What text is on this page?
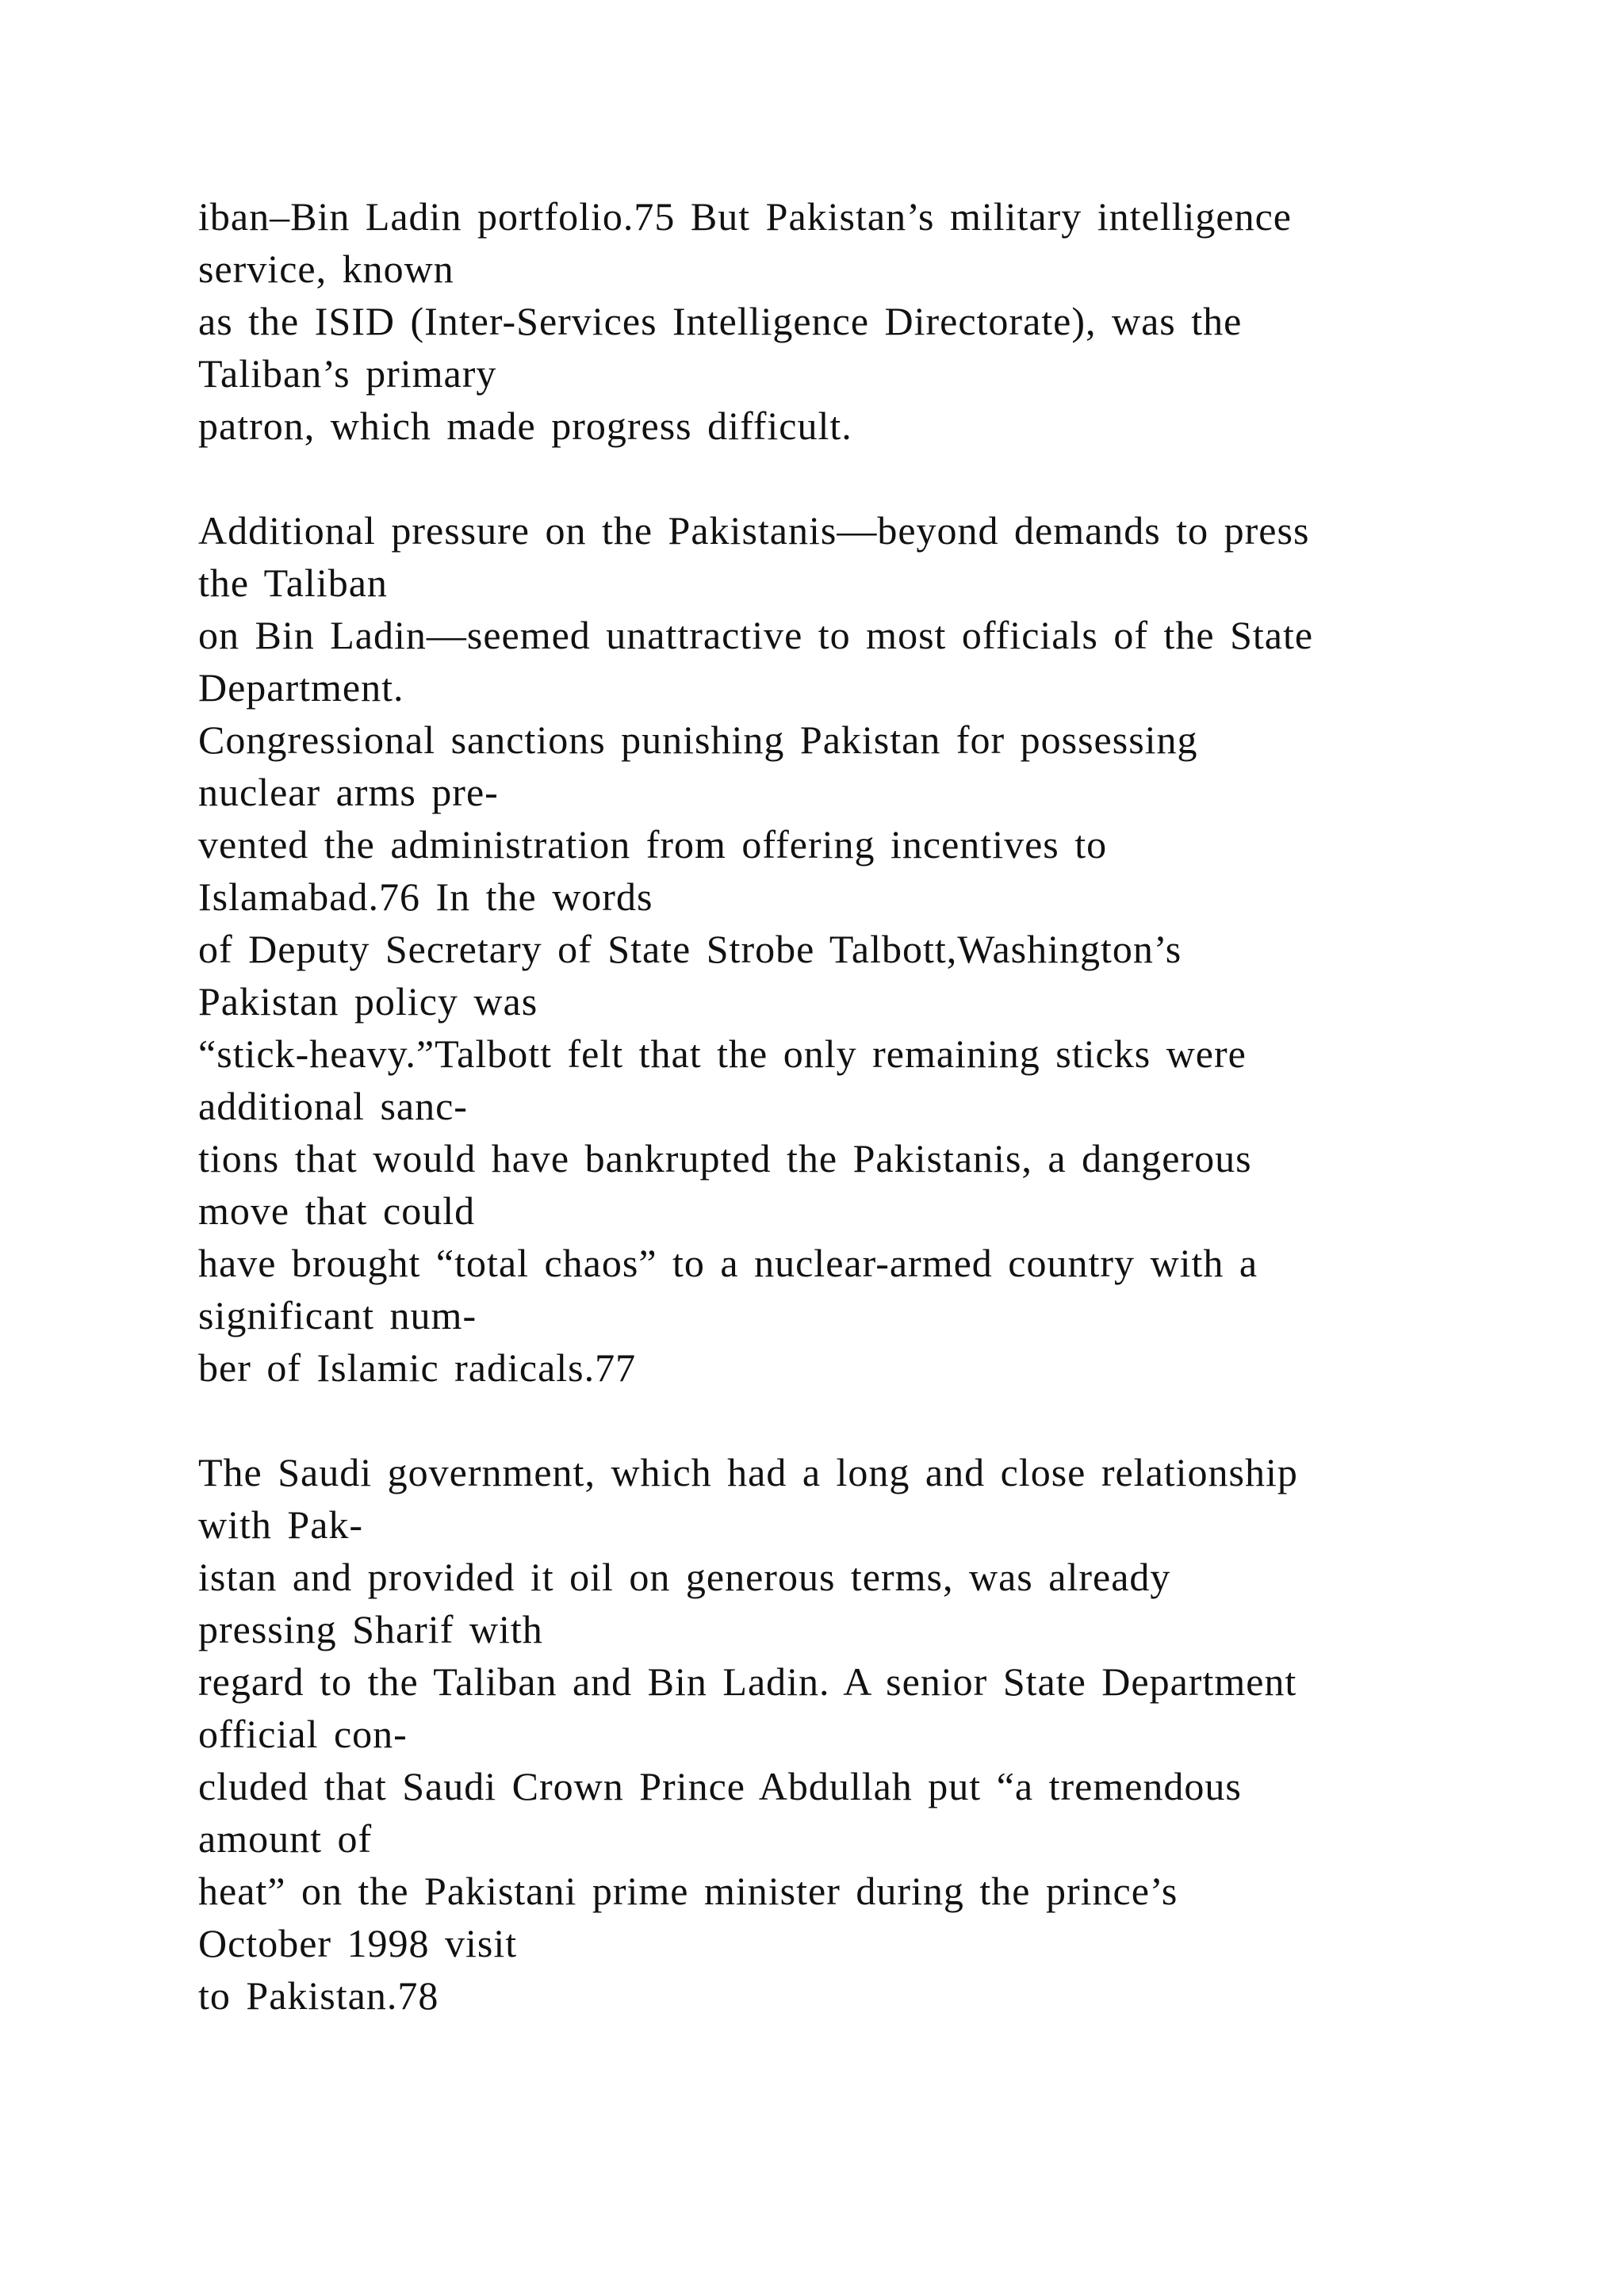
iban–Bin Ladin portfolio.75 But Pakistan’s military intelligence
service, known
as the ISID (Inter-Services Intelligence Directorate), was the
Taliban’s primary
patron, which made progress difficult.

Additional pressure on the Pakistanis—beyond demands to press
the Taliban
on Bin Ladin—seemed unattractive to most officials of the State
Department.
Congressional sanctions punishing Pakistan for possessing
nuclear arms pre-
vented the administration from offering incentives to
Islamabad.76 In the words
of Deputy Secretary of State Strobe Talbott,Washington’s
Pakistan policy was
“stick-heavy.”Talbott felt that the only remaining sticks were
additional sanc-
tions that would have bankrupted the Pakistanis, a dangerous
move that could
have brought “total chaos” to a nuclear-armed country with a
significant num-
ber of Islamic radicals.77

The Saudi government, which had a long and close relationship
with Pak-
istan and provided it oil on generous terms, was already
pressing Sharif with
regard to the Taliban and Bin Ladin. A senior State Department
official con-
cluded that Saudi Crown Prince Abdullah put “a tremendous
amount of
heat” on the Pakistani prime minister during the prince’s
October 1998 visit
to Pakistan.78
